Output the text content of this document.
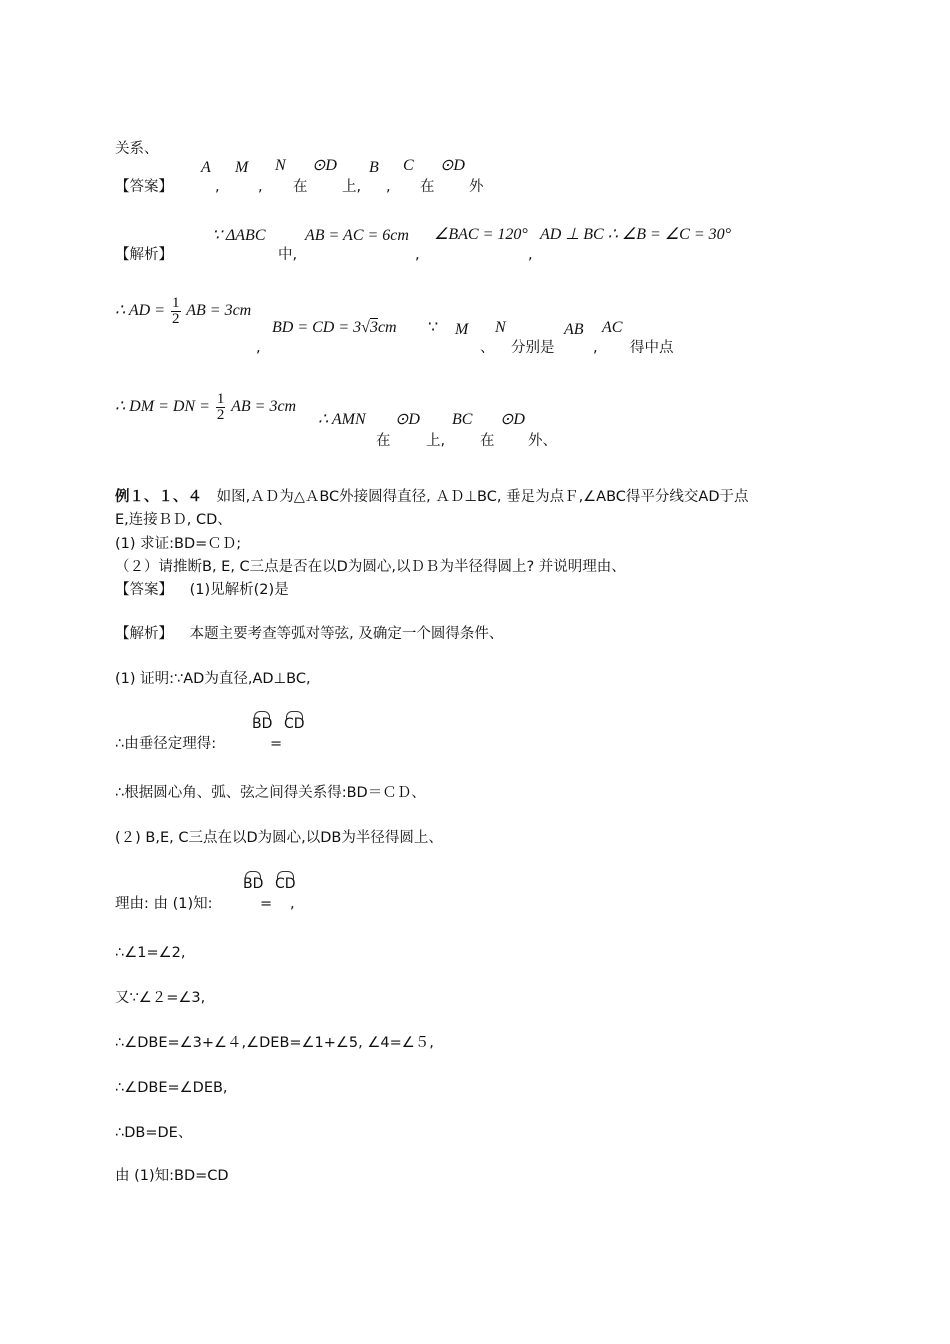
关系、
A M N ⊙D B C ⊙D
【答案】	,	, 在 上, , 在 外
∵ ΔABC AB = AC = 6cm ∠BAC = 120° AD ⊥ BC ∴ ∠B = ∠C = 30°
【解析】	中,	,	,
∴ AD = $\frac{1}{2}$ AB = 3cm
BD = CD = 3√3cm ∵ M N	AB AC
,	、 分别是	, 得中点
∴ DM = DN = $\frac{1}{2}$ AB = 3cm
∴ AMN ⊙D BC ⊙D
在 上, 在 外、
例１、１、４ 如图,ＡＤ为△ＡBC外接圆得直径, ＡＤ⊥BC, 垂足为点Ｆ,∠ABC得平分线交AD于点
E,连接ＢＤ, CD、
(1) 求证:BD=ＣＤ;
（２）请推断B, E, C三点是否在以D为圆心,以ＤＢ为半径得圆上? 并说明理由、
【答案】 (1)见解析(2)是
【解析】 本题主要考查等弧对等弦, 及确定一个圆得条件、
(1) 证明:∵AD为直径,AD⊥BC,
BD CD
∴由垂径定理得:	=
∴根据圆心角、弧、弦之间得关系得:BD＝ＣＤ、
(２) B,E, C三点在以D为圆心,以DB为半径得圆上、
BD CD
理由: 由 (1)知:	= ,
∴∠1=∠2,
又∵∠２=∠3,
∴∠DBE=∠3+∠４,∠DEB=∠1+∠5, ∠4=∠５,
∴∠DBE=∠DEB,
∴DB=DE、
由 (1)知:BD=CD
